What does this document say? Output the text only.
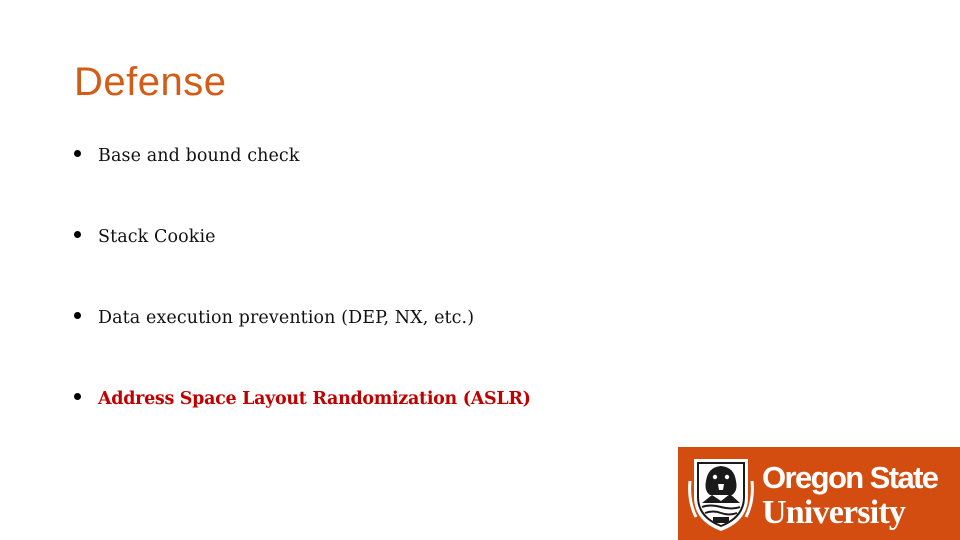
Defense
Base and bound check
Stack Cookie
Data execution prevention (DEP, NX, etc.)
Address Space Layout Randomization (ASLR)
Oregon State
University
